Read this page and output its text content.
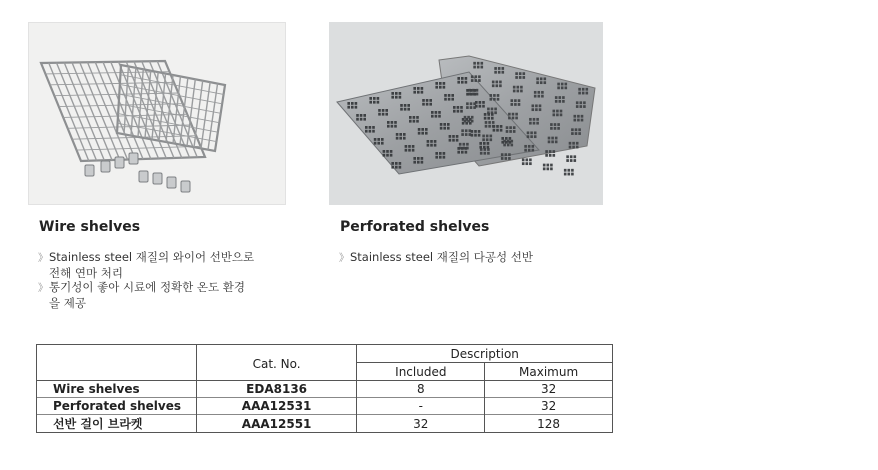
Wire shelves	Perforated shelves
》Stainless steel 재질의 와이어 선반으로
전해 연마 처리
》통기성이 좋아 시료에 정확한 온도 환경
을 제공
》Stainless steel 재질의 다공성 선반
	Cat. No.	Description	
		Included	Maximum
Wire shelves	EDA8136	8	32
Perforated shelves	AAA12531	-	32
선반 걸이 브라켓	AAA12551	32	128
